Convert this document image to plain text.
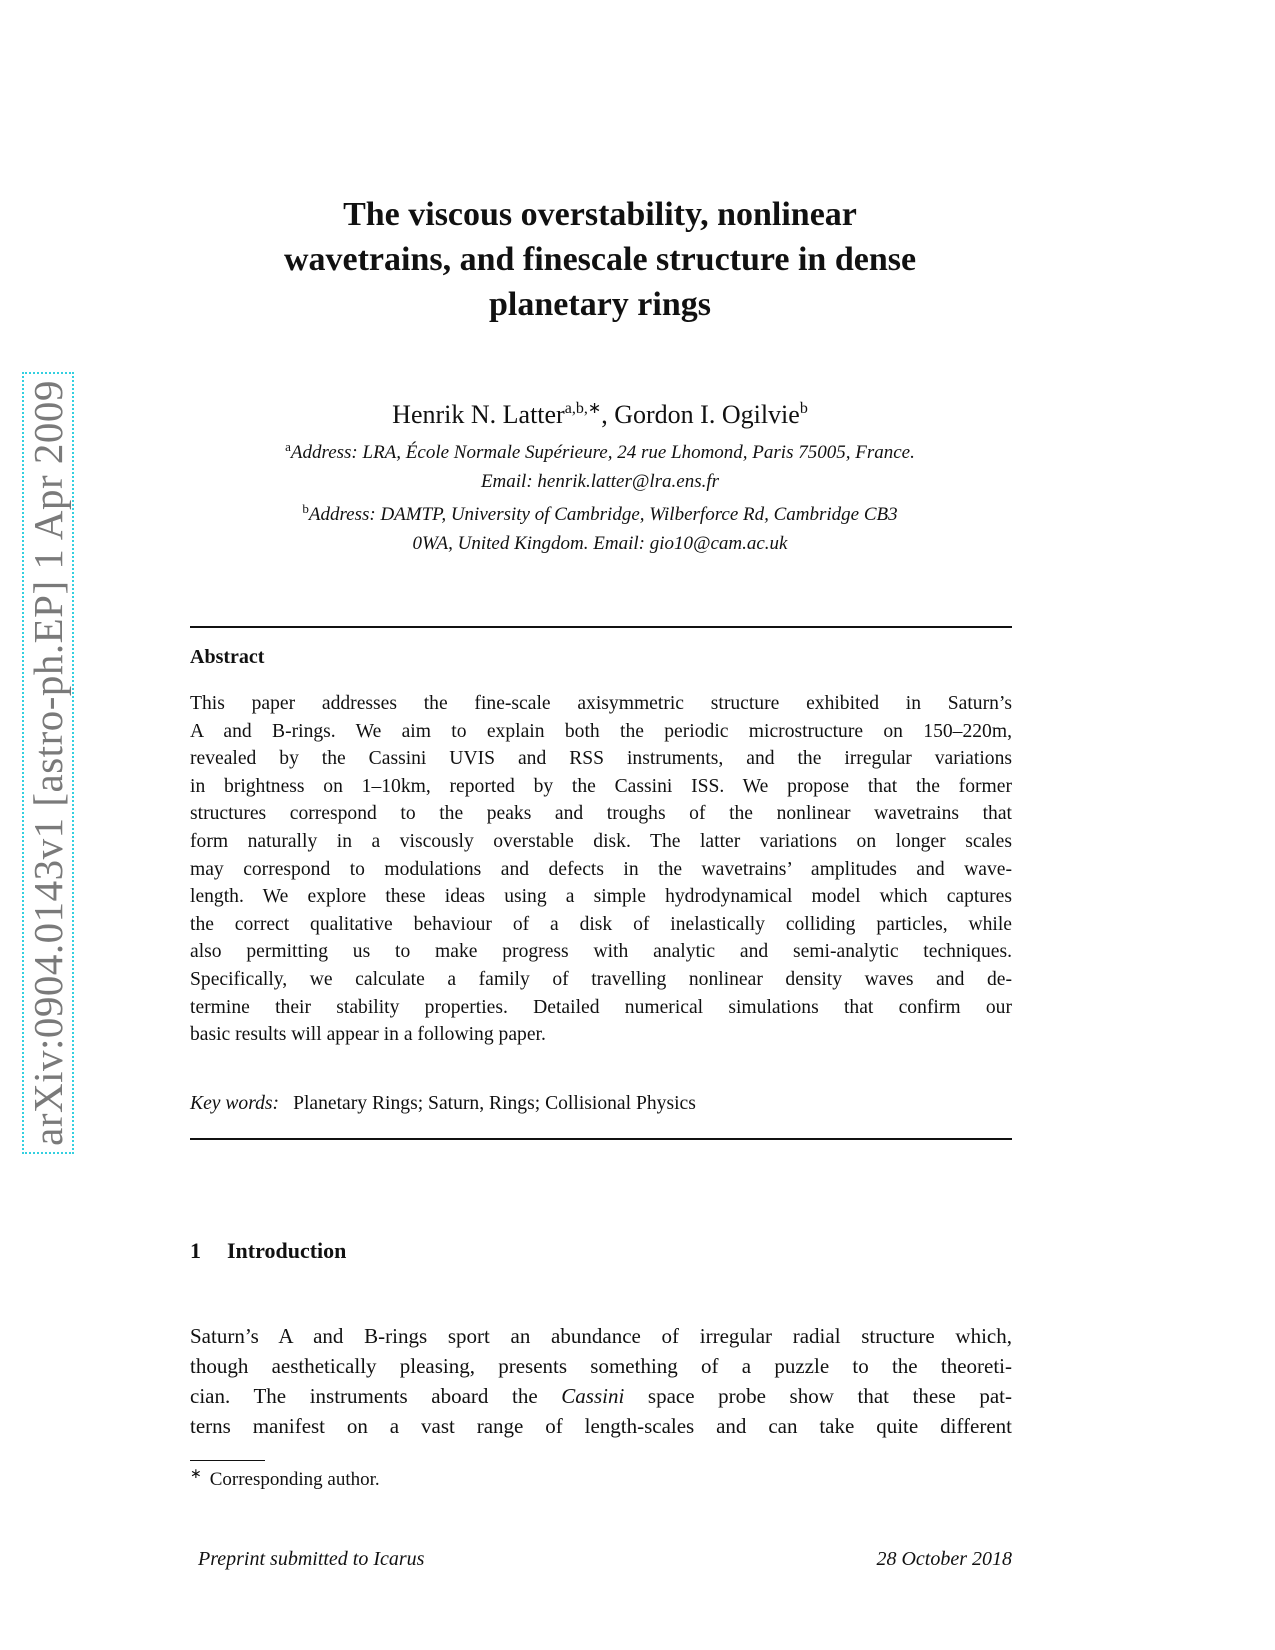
arXiv:0904.0143v1 [astro-ph.EP] 1 Apr 2009
The viscous overstability, nonlinear
wavetrains, and finescale structure in dense
planetary rings
Henrik N. Latter$^{a,b,∗}$, Gordon I. Ogilvie$^b$
$^a$Address: LRA, École Normale Supérieure, 24 rue Lhomond, Paris 75005, France.
Email: henrik.latter@lra.ens.fr
$^b$Address: DAMTP, University of Cambridge, Wilberforce Rd, Cambridge CB3
0WA, United Kingdom. Email: gio10@cam.ac.uk
Abstract
This paper addresses the fine-scale axisymmetric structure exhibited in Saturn’s
A and B-rings. We aim to explain both the periodic microstructure on 150–220m,
revealed by the Cassini UVIS and RSS instruments, and the irregular variations
in brightness on 1–10km, reported by the Cassini ISS. We propose that the former
structures correspond to the peaks and troughs of the nonlinear wavetrains that
form naturally in a viscously overstable disk. The latter variations on longer scales
may correspond to modulations and defects in the wavetrains’ amplitudes and wave-
length. We explore these ideas using a simple hydrodynamical model which captures
the correct qualitative behaviour of a disk of inelastically colliding particles, while
also permitting us to make progress with analytic and semi-analytic techniques.
Specifically, we calculate a family of travelling nonlinear density waves and de-
termine their stability properties. Detailed numerical simulations that confirm our
basic results will appear in a following paper.
Key words: Planetary Rings; Saturn, Rings; Collisional Physics
1 Introduction
Saturn’s A and B-rings sport an abundance of irregular radial structure which,
though aesthetically pleasing, presents something of a puzzle to the theoreti-
cian. The instruments aboard the Cassini space probe show that these pat-
terns manifest on a vast range of length-scales and can take quite different
∗ Corresponding author.
Preprint submitted to Icarus	28 October 2018
